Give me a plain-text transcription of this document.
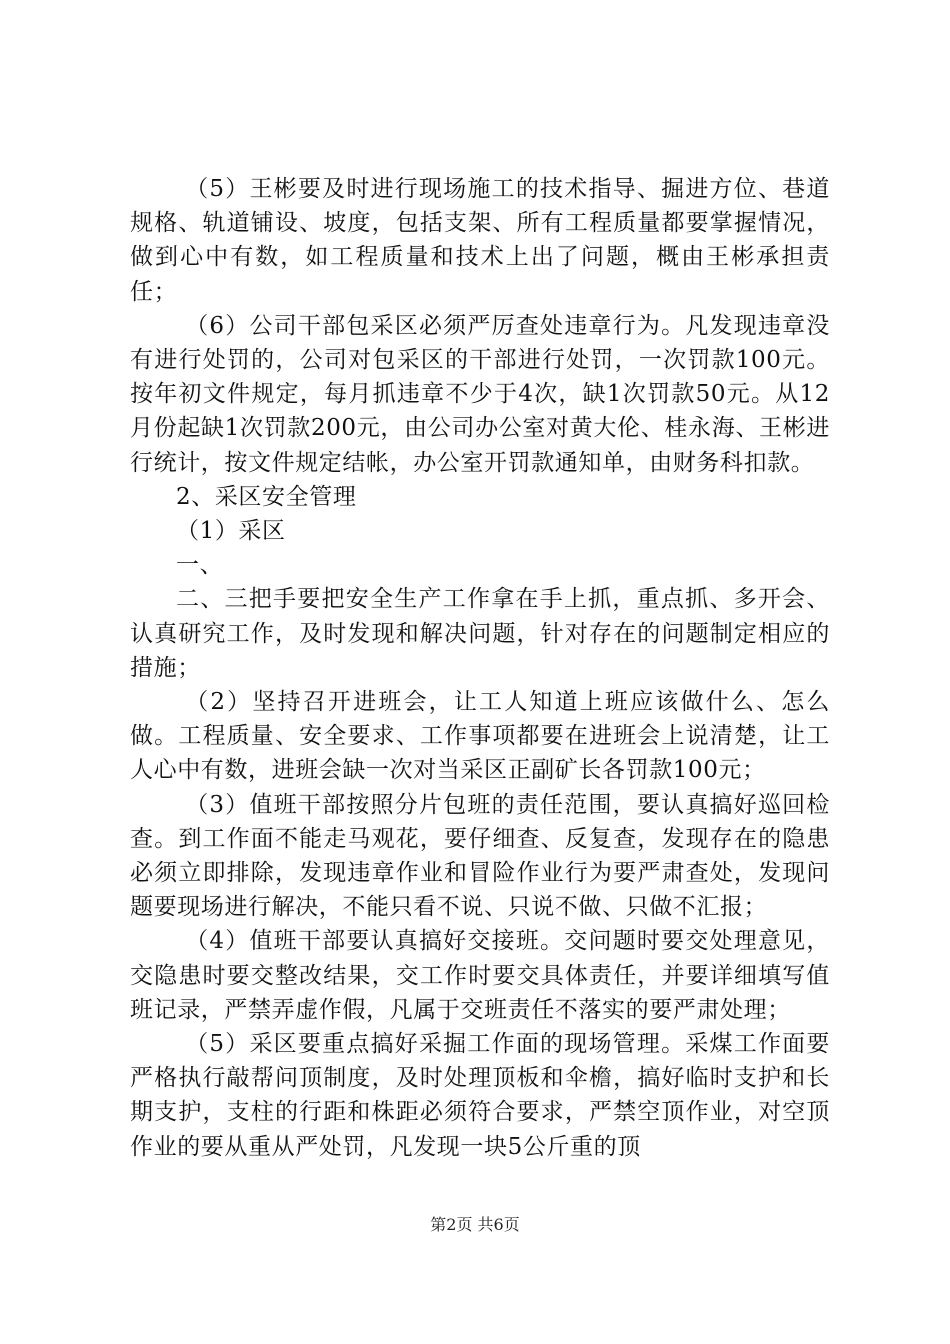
（5）王彬要及时进行现场施工的技术指导、掘进方位、巷道规格、轨道铺设、坡度，包括支架、所有工程质量都要掌握情况，做到心中有数，如工程质量和技术上出了问题，概由王彬承担责任；

（6）公司干部包采区必须严厉查处违章行为。凡发现违章没有进行处罚的，公司对包采区的干部进行处罚，一次罚款100元。按年初文件规定，每月抓违章不少于4次，缺1次罚款50元。从12月份起缺1次罚款200元，由公司办公室对黄大伦、桂永海、王彬进行统计，按文件规定结帐，办公室开罚款通知单，由财务科扣款。

2、采区安全管理

（1）采区

一、

二、三把手要把安全生产工作拿在手上抓，重点抓、多开会、认真研究工作，及时发现和解决问题，针对存在的问题制定相应的措施；

（2）坚持召开进班会，让工人知道上班应该做什么、怎么做。工程质量、安全要求、工作事项都要在进班会上说清楚，让工人心中有数，进班会缺一次对当采区正副矿长各罚款100元；

（3）值班干部按照分片包班的责任范围，要认真搞好巡回检查。到工作面不能走马观花，要仔细查、反复查，发现存在的隐患必须立即排除，发现违章作业和冒险作业行为要严肃查处，发现问题要现场进行解决，不能只看不说、只说不做、只做不汇报；

（4）值班干部要认真搞好交接班。交问题时要交处理意见，交隐患时要交整改结果，交工作时要交具体责任，并要详细填写值班记录，严禁弄虚作假，凡属于交班责任不落实的要严肃处理；

（5）采区要重点搞好采掘工作面的现场管理。采煤工作面要严格执行敲帮问顶制度，及时处理顶板和伞檐，搞好临时支护和长期支护，支柱的行距和株距必须符合要求，严禁空顶作业，对空顶作业的要从重从严处罚，凡发现一块5公斤重的顶

第2页 共6页
